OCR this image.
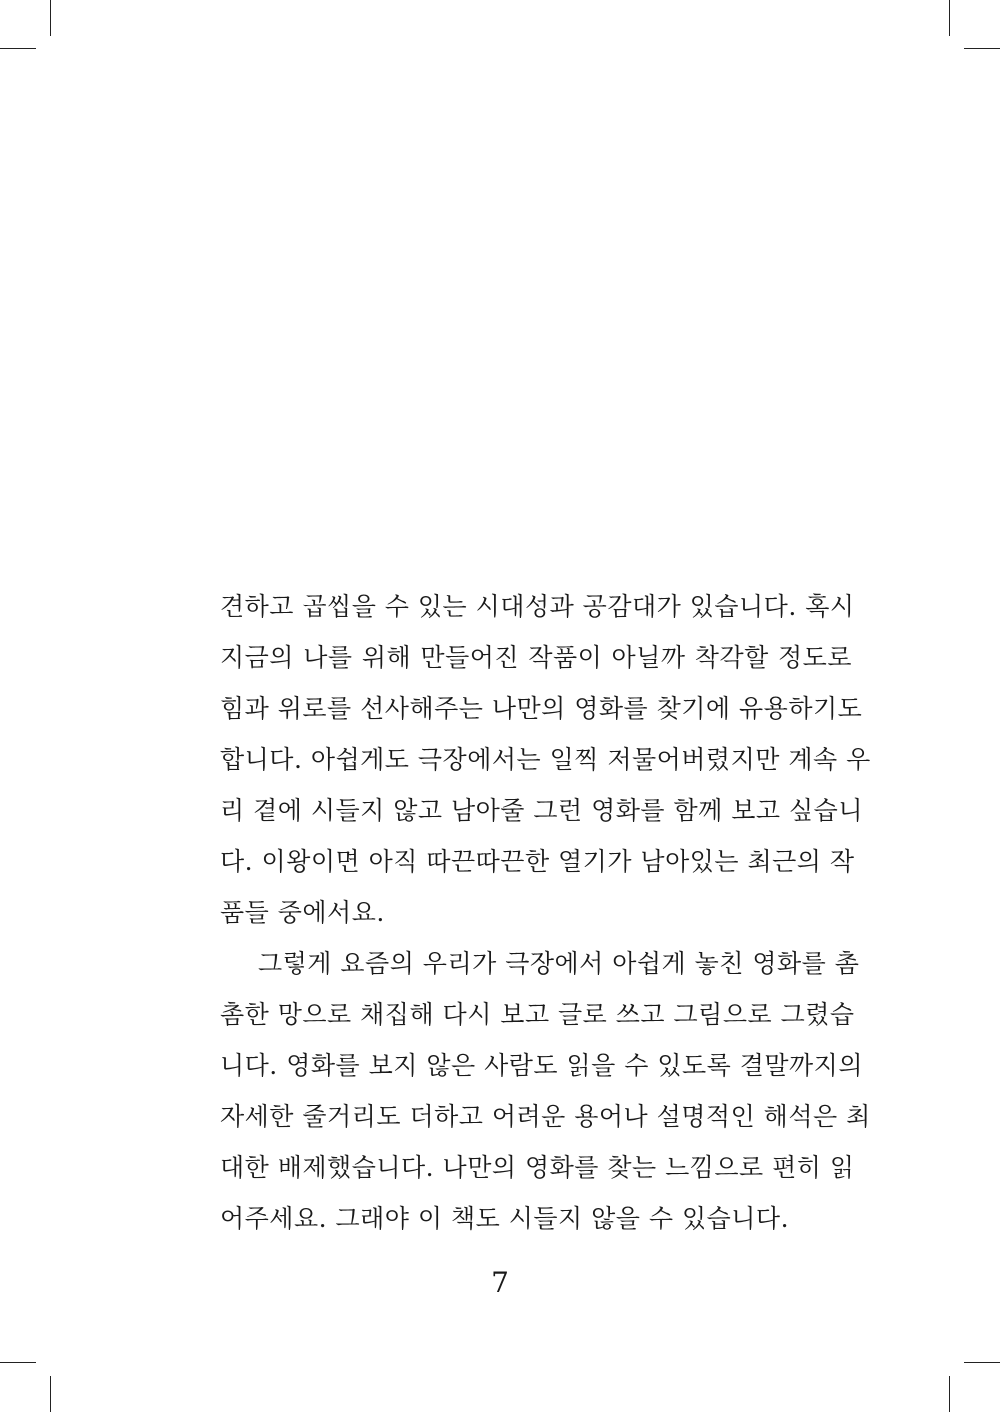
견하고 곱씹을 수 있는 시대성과 공감대가 있습니다. 혹시
지금의 나를 위해 만들어진 작품이 아닐까 착각할 정도로
힘과 위로를 선사해주는 나만의 영화를 찾기에 유용하기도
합니다. 아쉽게도 극장에서는 일찍 저물어버렸지만 계속 우
리 곁에 시들지 않고 남아줄 그런 영화를 함께 보고 싶습니
다. 이왕이면 아직 따끈따끈한 열기가 남아있는 최근의 작
품들 중에서요.
그렇게 요즘의 우리가 극장에서 아쉽게 놓친 영화를 촘
촘한 망으로 채집해 다시 보고 글로 쓰고 그림으로 그렸습
니다. 영화를 보지 않은 사람도 읽을 수 있도록 결말까지의
자세한 줄거리도 더하고 어려운 용어나 설명적인 해석은 최
대한 배제했습니다. 나만의 영화를 찾는 느낌으로 편히 읽
어주세요. 그래야 이 책도 시들지 않을 수 있습니다.
7
